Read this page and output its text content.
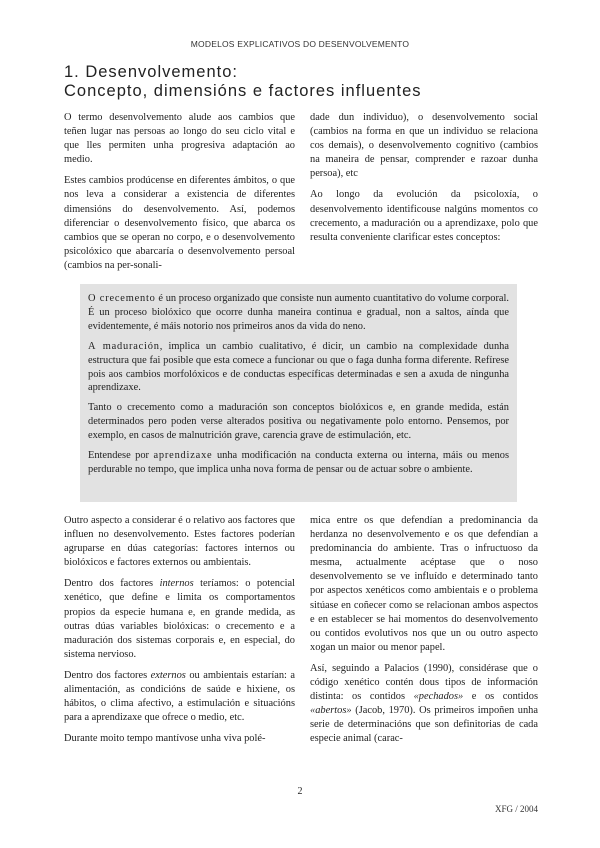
MODELOS EXPLICATIVOS DO DESENVOLVEMENTO
1. Desenvolvemento:
Concepto, dimensións e factores influentes

O termo desenvolvemento alude aos cambios que teñen lugar nas persoas ao longo do seu ciclo vital e que lles permiten unha progresiva adaptación ao medio.

Estes cambios prodúcense en diferentes ámbitos, o que nos leva a considerar a existencia de diferentes dimensións do desenvolvemento. Así, podemos diferenciar o desenvolvemento físico, que abarca os cambios que se operan no corpo, e o desenvolvemento psicolóxico que abarcaría o desenvolvemento persoal (cambios na per-sonali-

dade dun individuo), o desenvolvemento social (cambios na forma en que un individuo se relaciona cos demais), o desenvolvemento cognitivo (cambios na maneira de pensar, comprender e razoar dunha persoa), etc

Ao longo da evolución da psicoloxía, o desenvolvemento identificouse nalgúns momentos co crecemento, a maduración ou a aprendizaxe, polo que resulta conveniente clarificar estes conceptos:

O crecemento é un proceso organizado que consiste nun aumento cuantitativo do volume corporal. É un proceso biolóxico que ocorre dunha maneira continua e gradual, non a saltos, aínda que evidentemente, é máis notorio nos primeiros anos da vida do neno.

A maduración, implica un cambio cualitativo, é dicir, un cambio na complexidade dunha estructura que fai posible que esta comece a funcionar ou que o faga dunha forma diferente. Refírese pois aos cambios morfolóxicos e de conductas específicas determinadas e sen a axuda de ningunha aprendizaxe.

Tanto o crecemento como a maduración son conceptos biolóxicos e, en grande medida, están determinados pero poden verse alterados positiva ou negativamente polo entorno. Pensemos, por exemplo, en casos de malnutrición grave, carencia grave de estimulación, etc.

Entendese por aprendizaxe unha modificación na conducta externa ou interna, máis ou menos perdurable no tempo, que implica unha nova forma de pensar ou de actuar sobre o ambiente.

Outro aspecto a considerar é o relativo aos factores que influen no desenvolvemento. Estes factores poderían agruparse en dúas categorías: factores internos ou biolóxicos e factores externos ou ambientais.

Dentro dos factores internos teríamos: o potencial xenético, que define e limita os comportamentos propios da especie humana e, en grande medida, as outras dúas variables biolóxicas: o crecemento e a maduración dos sistemas corporais e, en especial, do sistema nervioso.

Dentro dos factores externos ou ambientais estarían: a alimentación, as condicións de saúde e hixiene, os hábitos, o clima afectivo, a estimulación e situacións para a aprendizaxe que ofrece o medio, etc.

Durante moito tempo mantívose unha viva polé-

mica entre os que defendían a predominancia da herdanza no desenvolvemento e os que defendían a predominancia do ambiente. Tras o infructuoso da mesma, actualmente acéptase que o noso desenvolvemento se ve influído e determinado tanto por aspectos xenéticos como ambientais e o problema sitúase en coñecer como se relacionan ambos aspectos e en establecer se hai momentos do desenvolvemento ou contidos evolutivos nos que un ou outro aspecto xogan un maior ou menor papel.

Así, seguindo a Palacios (1990), considérase que o código xenético contén dous tipos de información distinta: os contidos «pechados» e os contidos «abertos» (Jacob, 1970). Os primeiros impoñen unha serie de determinacións que son definitorias de cada especie animal (carac-

2
XFG / 2004
